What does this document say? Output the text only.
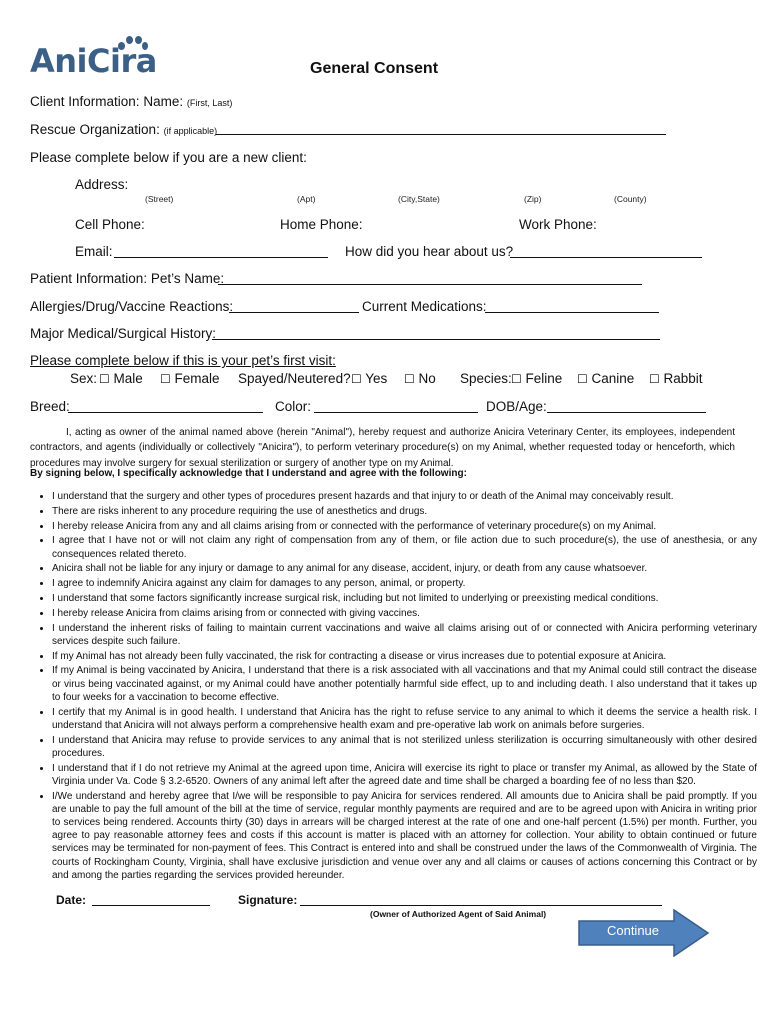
AniCira	General Consent
Client Information: Name: (First, Last)
Rescue Organization: (if applicable)
Please complete below if you are a new client:
Address:
(Street)	(Apt)	(City,State)	(Zip)	(County)
Cell Phone:	Home Phone:	Work Phone:
Email:	How did you hear about us?
Patient Information: Pet’s Name:
Allergies/Drug/Vaccine Reactions:	Current Medications:
Major Medical/Surgical History:
Please complete below if this is your pet’s first visit:
Sex: ☐ Male ☐ Female Spayed/Neutered? ☐ Yes ☐ No Species: ☐ Feline ☐ Canine ☐ Rabbit
Breed:	Color:	DOB/Age:

I, acting as owner of the animal named above (herein "Animal"), hereby request and authorize Anicira Veterinary Center, its employees, independent contractors, and agents (individually or collectively "Anicira"), to perform veterinary procedure(s) on my Animal, whether requested today or henceforth, which procedures may involve surgery for sexual sterilization or surgery of another type on my Animal.

By signing below, I specifically acknowledge that I understand and agree with the following:
• I understand that the surgery and other types of procedures present hazards and that injury to or death of the Animal may conceivably result.
• There are risks inherent to any procedure requiring the use of anesthetics and drugs.
• I hereby release Anicira from any and all claims arising from or connected with the performance of veterinary procedure(s) on my Animal.
• I agree that I have not or will not claim any right of compensation from any of them, or file action due to such procedure(s), the use of anesthesia, or any consequences related thereto.
• Anicira shall not be liable for any injury or damage to any animal for any disease, accident, injury, or death from any cause whatsoever.
• I agree to indemnify Anicira against any claim for damages to any person, animal, or property.
• I understand that some factors significantly increase surgical risk, including but not limited to underlying or preexisting medical conditions.
• I hereby release Anicira from claims arising from or connected with giving vaccines.
• I understand the inherent risks of failing to maintain current vaccinations and waive all claims arising out of or connected with Anicira performing veterinary services despite such failure.
• If my Animal has not already been fully vaccinated, the risk for contracting a disease or virus increases due to potential exposure at Anicira.
• If my Animal is being vaccinated by Anicira, I understand that there is a risk associated with all vaccinations and that my Animal could still contract the disease or virus being vaccinated against, or my Animal could have another potentially harmful side effect, up to and including death. I also understand that it takes up to four weeks for a vaccination to become effective.
• I certify that my Animal is in good health. I understand that Anicira has the right to refuse service to any animal to which it deems the service a health risk. I understand that Anicira will not always perform a comprehensive health exam and pre-operative lab work on animals before surgeries.
• I understand that Anicira may refuse to provide services to any animal that is not sterilized unless sterilization is occurring simultaneously with other desired procedures.
• I understand that if I do not retrieve my Animal at the agreed upon time, Anicira will exercise its right to place or transfer my Animal, as allowed by the State of Virginia under Va. Code § 3.2-6520. Owners of any animal left after the agreed date and time shall be charged a boarding fee of no less than $20.
• I/We understand and hereby agree that I/we will be responsible to pay Anicira for services rendered. All amounts due to Anicira shall be paid promptly. If you are unable to pay the full amount of the bill at the time of service, regular monthly payments are required and are to be agreed upon with Anicira in writing prior to services being rendered. Accounts thirty (30) days in arrears will be charged interest at the rate of one and one-half percent (1.5%) per month. Further, you agree to pay reasonable attorney fees and costs if this account is matter is placed with an attorney for collection. Your ability to obtain continued or future services may be terminated for non-payment of fees. This Contract is entered into and shall be construed under the laws of the Commonwealth of Virginia. The courts of Rockingham County, Virginia, shall have exclusive jurisdiction and venue over any and all claims or causes of actions concerning this Contract or by and among the parties regarding the services provided hereunder.
Date:	Signature:
(Owner of Authorized Agent of Said Animal)
Continue
